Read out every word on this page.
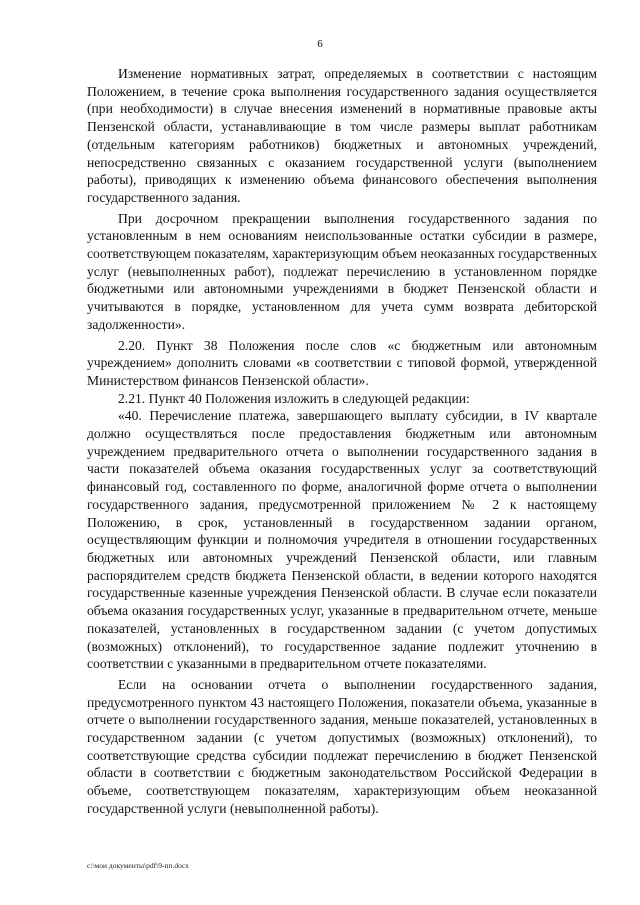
6

Изменение нормативных затрат, определяемых в соответствии с настоящим Положением, в течение срока выполнения государственного задания осуществляется (при необходимости) в случае внесения изменений в нормативные правовые акты Пензенской области, устанавливающие в том числе размеры выплат работникам (отдельным категориям работников) бюджетных и автономных учреждений, непосредственно связанных с оказанием государственной услуги (выполнением работы), приводящих к изменению объема финансового обеспечения выполнения государственного задания.

При досрочном прекращении выполнения государственного задания по установленным в нем основаниям неиспользованные остатки субсидии в размере, соответствующем показателям, характеризующим объем неоказанных государственных услуг (невыполненных работ), подлежат перечислению в установленном порядке бюджетными или автономными учреждениями в бюджет Пензенской области и учитываются в порядке, установленном для учета сумм возврата дебиторской задолженности».

2.20. Пункт 38 Положения после слов «с бюджетным или автономным учреждением» дополнить словами «в соответствии с типовой формой, утвержденной Министерством финансов Пензенской области».

2.21. Пункт 40 Положения изложить в следующей редакции:

«40. Перечисление платежа, завершающего выплату субсидии, в IV квартале должно осуществляться после предоставления бюджетным или автономным учреждением предварительного отчета о выполнении государственного задания в части показателей объема оказания государственных услуг за соответствующий финансовый год, составленного по форме, аналогичной форме отчета о выполнении государственного задания, предусмотренной приложением № 2 к настоящему Положению, в срок, установленный в государственном задании органом, осуществляющим функции и полномочия учредителя в отношении государственных бюджетных или автономных учреждений Пензенской области, или главным распорядителем средств бюджета Пензенской области, в ведении которого находятся государственные казенные учреждения Пензенской области. В случае если показатели объема оказания государственных услуг, указанные в предварительном отчете, меньше показателей, установленных в государственном задании (с учетом допустимых (возможных) отклонений), то государственное задание подлежит уточнению в соответствии с указанными в предварительном отчете показателями.

Если на основании отчета о выполнении государственного задания, предусмотренного пунктом 43 настоящего Положения, показатели объема, указанные в отчете о выполнении государственного задания, меньше показателей, установленных в государственном задании (с учетом допустимых (возможных) отклонений), то соответствующие средства субсидии подлежат перечислению в бюджет Пензенской области в соответствии с бюджетным законодательством Российской Федерации в объеме, соответствующем показателям, характеризующим объем неоказанной государственной услуги (невыполненной работы).

c:\мои документы\pdf\9-пп.docx
